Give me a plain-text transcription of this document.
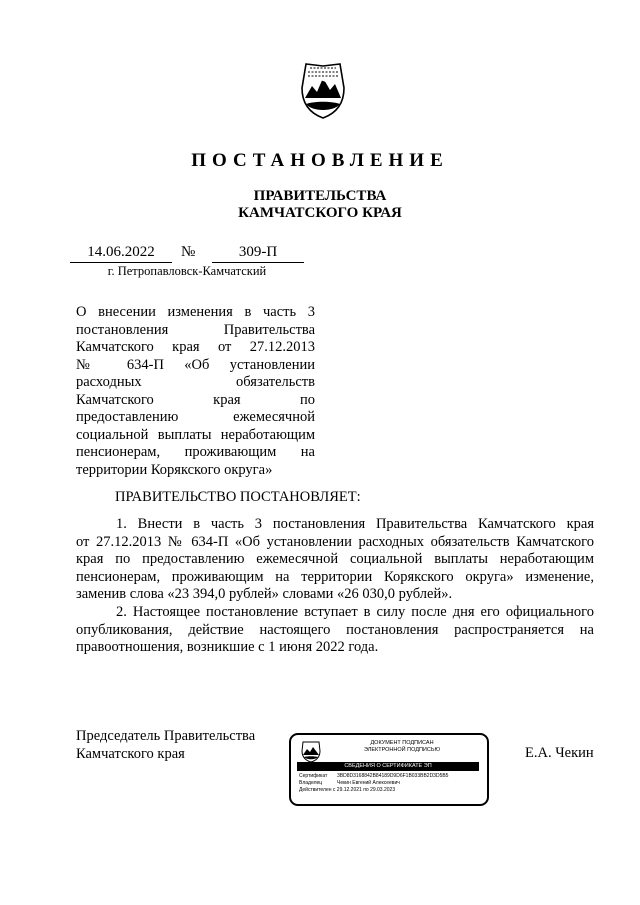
ПОСТАНОВЛЕНИЕ
ПРАВИТЕЛЬСТВА
КАМЧАТСКОГО КРАЯ
14.06.2022	№	309-П
г. Петропавловск-Камчатский
О внесении изменения в часть 3
постановления Правительства
Камчатского края от 27.12.2013
№ 634-П «Об установлении
расходных обязательств
Камчатского края по
предоставлению ежемесячной
социальной выплаты неработающим
пенсионерам, проживающим на
территории Корякского округа»
ПРАВИТЕЛЬСТВО ПОСТАНОВЛЯЕТ:
1. Внести в часть 3 постановления Правительства Камчатского края
от 27.12.2013 № 634-П «Об установлении расходных обязательств Камчатского
края по предоставлению ежемесячной социальной выплаты неработающим
пенсионерам, проживающим на территории Корякского округа» изменение,
заменив слова «23 394,0 рублей» словами «26 030,0 рублей».
2. Настоящее постановление вступает в силу после дня его официального
опубликования, действие настоящего постановления распространяется на
правоотношения, возникшие с 1 июня 2022 года.
Председатель Правительства
Камчатского края
ДОКУМЕНТ ПОДПИСАН
ЭЛЕКТРОННОЙ ПОДПИСЬЮ
СВЕДЕНИЯ О СЕРТИФИКАТЕ ЭП
Сертификат 3BD8D3168842B84189D9D6F1B033BB2D3D5B5
Владелец	Чекин Евгений Алексеевич
Действителен с 29.12.2021 по 29.03.2023
Е.А. Чекин
